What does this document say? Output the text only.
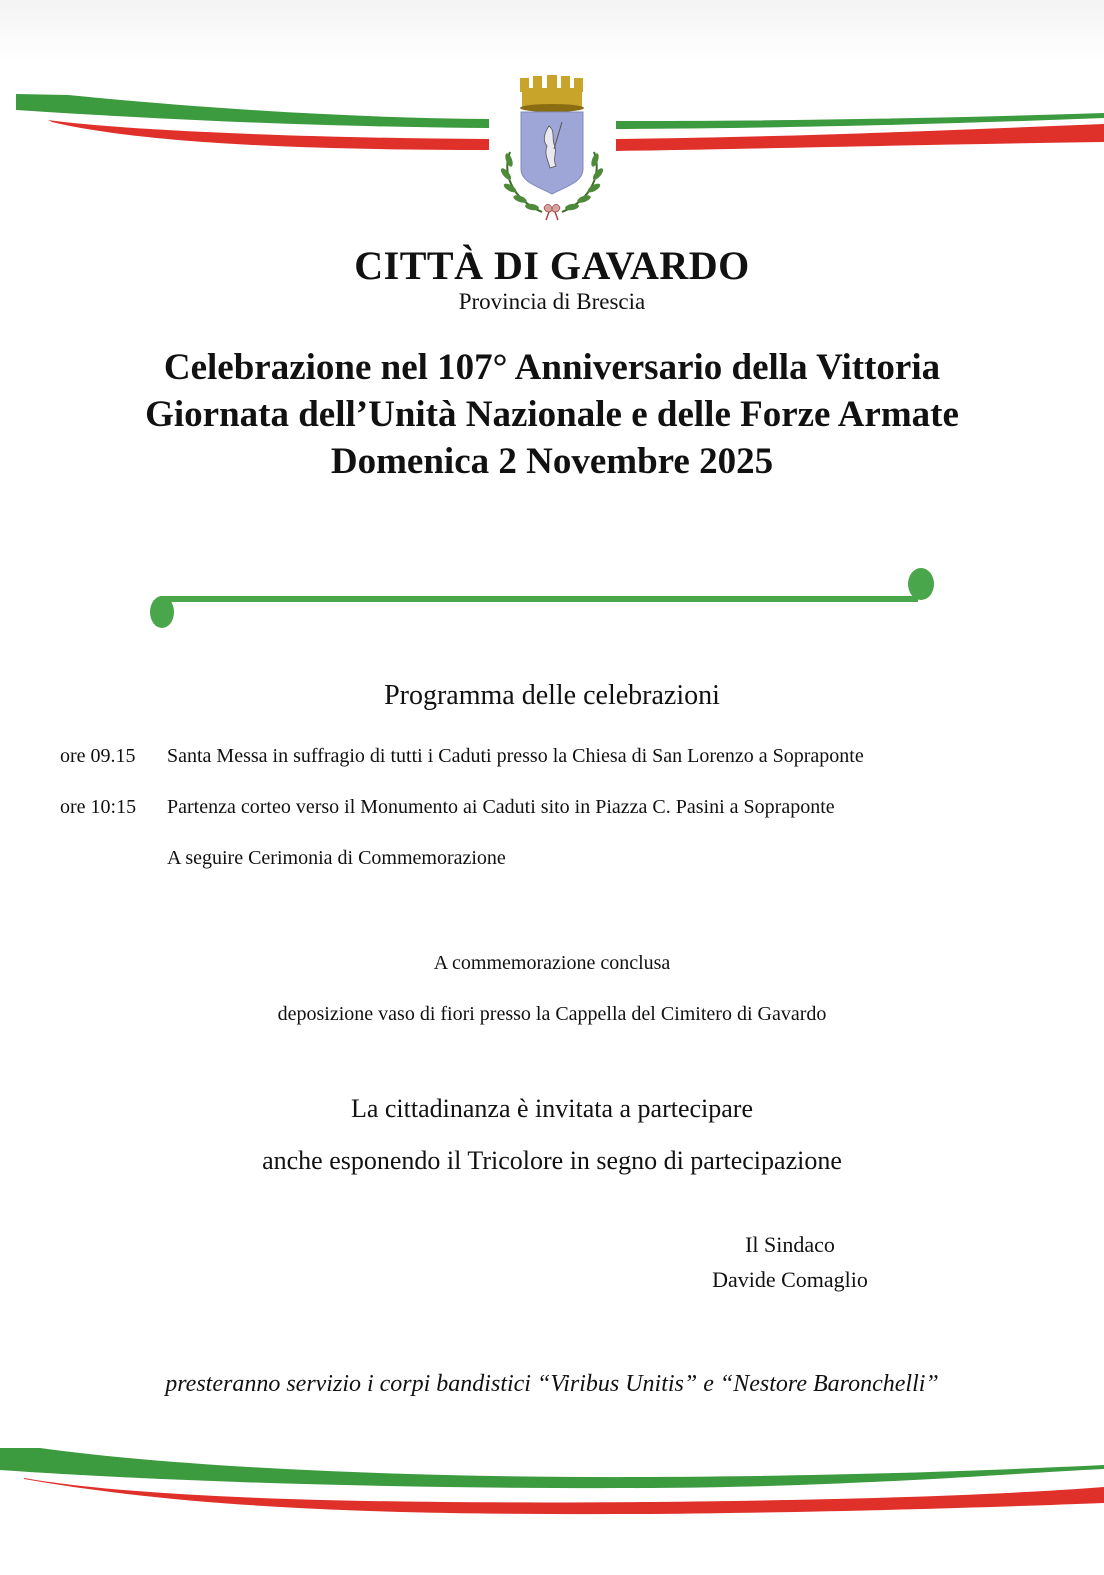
CITTÀ DI GAVARDO
Provincia di Brescia
Celebrazione nel 107° Anniversario della Vittoria
Giornata dell’Unità Nazionale e delle Forze Armate
Domenica 2 Novembre 2025
Programma delle celebrazioni
ore 09.15 Santa Messa in suffragio di tutti i Caduti presso la Chiesa di San Lorenzo a Sopraponte
ore 10:15 Partenza corteo verso il Monumento ai Caduti sito in Piazza C. Pasini a Sopraponte
A seguire Cerimonia di Commemorazione
A commemorazione conclusa
deposizione vaso di fiori presso la Cappella del Cimitero di Gavardo
La cittadinanza è invitata a partecipare
anche esponendo il Tricolore in segno di partecipazione
Il Sindaco
Davide Comaglio
presteranno servizio i corpi bandistici “Viribus Unitis” e “Nestore Baronchelli”
